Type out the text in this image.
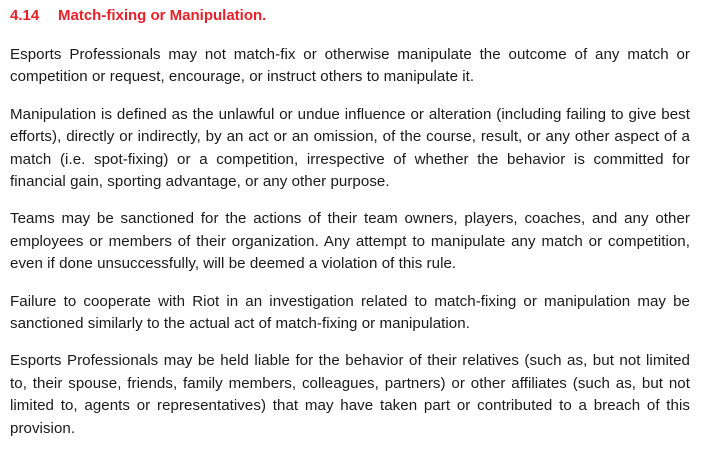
4.14	Match-fixing or Manipulation.

Esports Professionals may not match-fix or otherwise manipulate the outcome of any match or competition or request, encourage, or instruct others to manipulate it.

Manipulation is defined as the unlawful or undue influence or alteration (including failing to give best efforts), directly or indirectly, by an act or an omission, of the course, result, or any other aspect of a match (i.e. spot-fixing) or a competition, irrespective of whether the behavior is committed for financial gain, sporting advantage, or any other purpose.

Teams may be sanctioned for the actions of their team owners, players, coaches, and any other employees or members of their organization. Any attempt to manipulate any match or competition, even if done unsuccessfully, will be deemed a violation of this rule.

Failure to cooperate with Riot in an investigation related to match-fixing or manipulation may be sanctioned similarly to the actual act of match-fixing or manipulation.

Esports Professionals may be held liable for the behavior of their relatives (such as, but not limited to, their spouse, friends, family members, colleagues, partners) or other affiliates (such as, but not limited to, agents or representatives) that may have taken part or contributed to a breach of this provision.
